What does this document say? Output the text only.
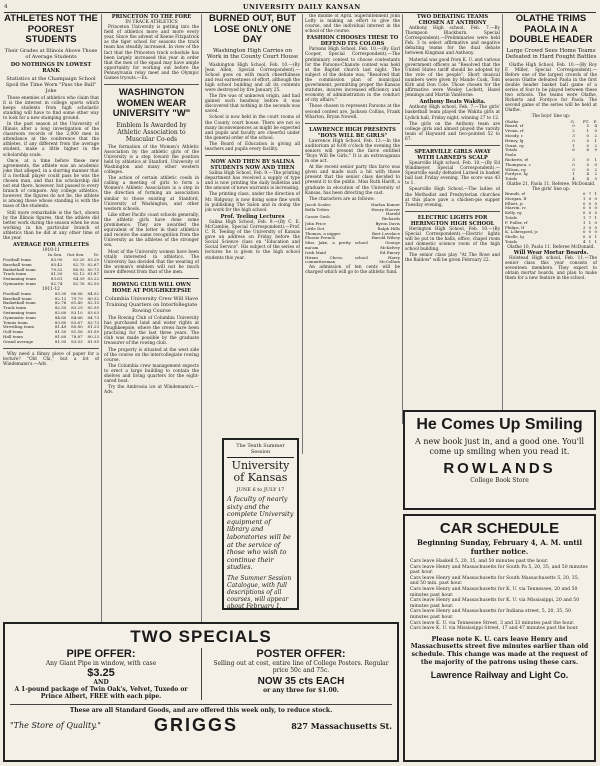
4	UNIVERSITY DAILY KANSAN
ATHLETES NOT THE POOREST STUDENTS
Their Grades at Illinois Above Those of Average Students
DO NOTHINGS IN LOWEST RANK
Statistics at the Champaign School Spoil the Time Worn "Pass the Ball" Joke

Those enemies of athletics who claim that it is the interest in college sports which keeps students from high scholastic standing will have to find some other way to look for a new stamping ground.

In the past season at the University of Illinois after a long investigation of the classroom records of the 2,000 men in attendance at the conference that the athletes, if any different from the average student, make a little higher in the scholarship scale.

Once, at a time before these new agreements, the athlete was an academic joke that alleged, in a slurring manner that if a football player could pass he was the chosen man, and that his scholarship did not end there, however, but passed to every branch of compare. Any college athletics, however, the figures do not lie, the athlete is among those whose standing is with the mass of the students.

Still more remarkable is the fact, shown by the Illinois figures, that the athlete did better work during the season when he was working in his particular branch of athletics than he did at any other time of the year.

AVERAGE FOR ATHLETES
1910-11
	In Sen.	Out Sen.	Yr.
Football team	83.90	83.20	83.20
Baseball team	85.42	82.75	82.67
Basketball team	79.52	80.92	80.73
Track team	81.50	82.12	81.87
Swimming team	83.61	84.39	83.22
Gymnastic team	82.74	82.76	82.50
1911-12
Football team	83.30	86.06	84.92
Baseball team	82.12	79.79	80.32
Basketball team	82.76	81.40	82.15
Track team	82.55	83.29	82.95
Swimming team	82.60	83.10	83.03
Gymnastic team	84.80	84.66	84.73
Tennis team	83.80	83.67	83.73
Wrestling team	81.49	80.80	81.23
Golf team	81.50	81.56	81.50
Hall team	81.60	78.87	80.23
Grand average	81.95	83.03	81.95

Why need a flimsy piece of paper for a lecture? "Old Chi," but a lot of Windemann's.—Adv.

PRINCETON TO THE FORE
IN TRACK ATHLETICS

Princeton University is getting into the field of athletics more and more every year. Since the advent of Keene Fitzpatrick as the tiger school for seasons the track team has steadily increased. In view of the fact that the Princeton track schedule has been largely increased this year in order that the men of the squad may have ample opportunity for working out before the Pennsylvania relay meet and the Olympic Games tryouts.—Ex.

WASHINGTON WOMEN WEAR UNIVERSITY "W"
Emblem Is Awarded by Athletic Association to Muscular Co-eds

The formation of the Women's Athletic Association by the athletic girls of the University is a step toward the position held by athletics at Stanford, University of Washington and many other western colleges.

The action of certain athletic coeds in calling a meeting of girls to form a Women's Athletic Association is a step in the direction of forming an association similar to those existing at Stanford, University of Washington, and other western schools.

Like other Pacific coast schools generally, the athletic girls have done some prominence. They are awarded the equivalent of the letter in their athletics and receive the same recognition from the University as the athletes of the stronger sex.

Most of the University women have been vitally interested in athletics. The University has decided that the wearing of the woman's emblem will not be much more different from that of the men.

ROWING CLUB WILL OWN HOME AT POUGHKEEPSIE
Columbia University Crew Will Have Training Quarters on Interfollegiate Rowing Course

The Rowing Club of Columbia University has purchased land and water rights at Poughkeepsie, where the crews have been practicing for the last three years. The club was made possible by the graduate treasurer of the rowing club.

The property is situated at the west side of the course on the intercollegiate rowing course.

The Columbia crew management expects to erect a large building to contain the shelves and living quarters for the eight-oared boat.

Try the Ambrosia ice at Windemann's.—Adv.

BURNED OUT, BUT LOSE ONLY ONE DAY
Washington High Carries on Work in the County Court House

Washington High School, Feb. 10.—(By Jean Allen, Special Correspondent).—School goes on with much cheerfulness and real earnestness of effort, although the high school building and all its contents were destroyed by fire January 25.

The fire was of unknown origin, and had gained such headway before it was discovered that nothing in the seconds was saved.

School is now held in the court rooms of the County court house. There are not so many inconveniences as might be expected and pupils and faculty are cheerful under the general order of the school.

The Board of Education is giving all teachers and pupils every facility.

NOW AND THEN BY SALINA STUDENTS NOW AND THEN

Salina High School, Feb. 9.—The printing department has received a supply of type and is now printing the daily bulletins and the amount of news warrants is increasing.

The printing class, under the direction of Mr. Ridgway, is now doing some fine work in publishing The Salon and in doing the job work for the high school.

Prof. Teeling Lectures

Salina High School, Feb. 9.—(By C. E. McCambie, Special Correspondent).—Prof. C. R. Teeling of the University of Kansas gave an address on Friday before the Social Science class on "Education and Social Service". His subject of the series of lectures he is given to the high school students this year.

the middle of April. Superintendent John Lofty is making an effort to give the course, and the individual interest in the school of the course.

FASHION CHOOSES THESE TO DEFEND ITS COLORS

Parsons High School, Feb. 10.—(By Earl Cooper, Special Correspondent).—The preliminary contest to choose contestants for the Parsons-Chanute contest was held at the Baptist church last night. The subject of the debate was, "Resolved that the commission plan of municipal government, permitting proper the Kansas statutes, insures increased efficiency and economy of administration in the conduct of city affairs."

Those chosen to represent Parsons at the second contest are, Jackson Collins, Frank Wharton, Bryan Nowell.

LAWRENCE HIGH PRESENTS "BOYS WILL BE GIRLS"

Lawrence High School, Feb. 13.—In the auditorium at 8:00 o'clock the evening the seniors will present the farce entitled "Boys Will Be Girls." It is an extravaganza in one act.

At the recent senior party this farce was given and made such a hit with those present that the senior class decided to present it to the public. Miss Ruth Hardt, a graduate in elocution of the University of Kansas, has been directing the cast.

The characters are as follows:

Jacob Scales	Harlan Kumer
Bella Tribes	Henry Hoover
Cassie Gush	Harold Richards
John Price	Byron Davis
Little Dot	Ralph Hills
Thomas, a nigger	Bert Lovelace
Flossie French	Harold Wilsey
Miss Jake, a pretty school ma'am	George McKelvey
Irish Maid	Ed Emery
Hiram Chess, school committeeman	Harry McCollum

An admission of ten cents will be charged which will go to the athletic fund.

TWO DEBATING TEAMS CHOSEN AT ANTHONY

Anthony High school, Feb. 7.—By Thompson Blackburn, Special Correspondent).—Preliminaries were held Feb. 3 to select affirmative and negative debating teams for the dual debate between Kingman and Anthony.

Material was good from K. U. and various government officers as "Resolved that the United States tariff should be adopted by the vote of the people". Short musical numbers were given by Maude Cusk, Tom Kirk and Don Cole. Those chosen for the affirmative were Wesley Lockett, Hazel Jennings and Martin VanHorne.

Anthony Beats Wakita.

Anthony High school, Feb. 7.—The girls' basketball team played the Wakita girls at Lydick hall, Friday night, winning 27 to 12.

The girls on the Anthony team are college girls and almost played the varsity team of Hayward and two-pointed 52 to 67.

SPEARVILLE GIRLS AWAY WITH LARNED'S SCALP

Spearville High school, Feb. 10.—(By Ed Windmeyer, Special Correspondent).—Spearville easily defeated Larned in basket ball last Friday evening. The score was 43 to 1.

Spearville High School.—The ladies of the Methodist and Presbyterian churches at this place gave a chicken-pie supper Tuesday evening.

ELECTRIC LIGHTS FOR HERINGTON HIGH SCHOOL

Herington High School, Feb. 10.—(By Special Correspondent).—Electric lights will be put in the halls, office, chapel room and domestic science room of the high school building.

The senior class play "At The Rose and the Baldow" will be given February 22.

OLATHE TRIMS PAOLA IN A DOUBLE HEADER
Large Crowd Sees Home Teams Defeated in Hard Fought Battles

Olathe High School, Feb. 10.—(By Roy F. Miller, Special Correspondent).—Before one of the largest crowds of the season Olathe defeated Paola in the first double header basket ball game of a series of four to be played between these two schools. The teams were Olathe, Rickerts and Fordyce for Paola. The second game of the series will be held at Olathe.

The boys' line up:
Olathe	G.	FT.	F.
Beard, rf	0	5	4
Vivian, rf	2	1	0
Moody, c	3	0	2
Henry, lg	0	0	1
Grant, rg	1	0	2
Totals	6	6	9
Paola			
Rickerts, rf	3	0	1
Thompson, c	0	0	0
Wilson, rg	0	0	2
Fordyce, lg	1	4	2
Totals	4	4	5
Olathe 21, Paola 11. Referee, McDonald.
The girls' line up:
Brandt, rf	0	7	1
Morgan, lf	1	0	0
Elliott, jc	0	0	0
Marvin, rc	0	0	0
Kelly, rg	0	0	0
Totals	1	7	1
F. Fuller, rf	1	1	0
Philips, lf	3	0	0
K. Lobregord, jc	0	0	0
Shelle, lg	0	0	1
Totals	4	1	1
Olathe 10, Paola 11. Referee McDonald.
Will Wear Mortar Boards.

Holstead High school, Feb. 11.—The senior class this year consists of seventeen members. They expect to obtain mortar boards, and plan to make them for a new feature in the school.

The Tenth Summer Session
University of Kansas
JUNE 6 to JULY 17
A faculty of nearly sixty and the complete University equipment of library and laboratories will be at the service of those who wish to continue their studies.
The Summer Session Catalogue, with full descriptions of all courses, will appear about February 1.
He Comes Up Smiling
A new book just in, and a good one. You'll come up smiling when you read it.
ROWLANDS
College Book Store
CAR SCHEDULE
Beginning Sunday, February 4, A. M. until further notice.
Cars leave Haskell 5, 20, 35, and 50 minutes past the hour.
Cars leave Henry and Massachusetts for South Pa 5, 20, 35, and 50 minutes past hour.
Cars leave Henry and Massachusetts for South Massachusetts 5, 20, 35, and 50 min. past hour.
Cars leave Henry and Massachusetts for K. U. via Tennessee, 20 and 50 minutes past hour.
Cars leave Henry and Massachusetts for K. U. via Mississippi, 20 and 50 minutes past hour.
Cars leave Henry and Massachusetts for Indiana street, 5, 20, 35, 50 minutes past hour.
Cars leave K. U. via Tennessee Street, 3 and 33 minutes past the hour.
Cars leave K. U. via Mississippi Street, 17 and 47 minutes past the hour.
Please note K. U. cars leave Henry and Massachusetts street five minutes earlier than old schedule. This change was made at the request of the majority of the patrons using these cars.
Lawrence Railway and Light Co.
TWO SPECIALS
PIPE OFFER:
Any Giant Pipe in window, with case
$3.25
AND
A 1-pound package of Twin Oak's, Velvet, Tuxedo or Prince Albert, FREE with each pipe.
POSTER OFFER:
Selling out at cost, entire line of College Posters. Regular price 50c and 75c.
NOW 35 cts EACH
or any three for $1.00.
These are all Standard Goods, and are offered this week only, to reduce stock.
"The Store of Quality."	GRIGGS	827 Massachusetts St.
